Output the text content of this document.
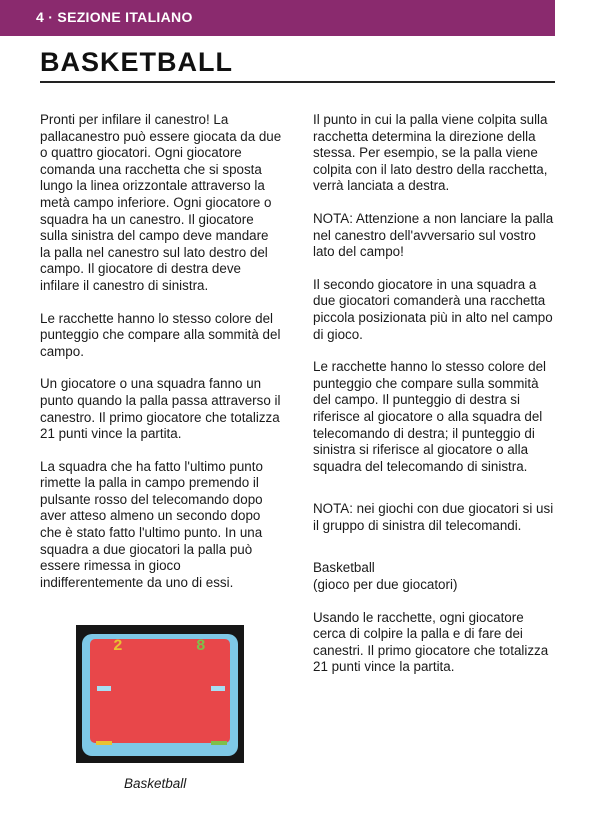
4 · SEZIONE ITALIANO
BASKETBALL

Pronti per infilare il canestro! La pallacanestro può essere giocata da due o quattro giocatori. Ogni giocatore comanda una racchetta che si sposta lungo la linea orizzontale attraverso la metà campo inferiore. Ogni giocatore o squadra ha un canestro. Il giocatore sulla sinistra del campo deve mandare la palla nel canestro sul lato destro del campo. Il giocatore di destra deve infilare il canestro di sinistra.

Le racchette hanno lo stesso colore del punteggio che compare alla sommità del campo.

Un giocatore o una squadra fanno un punto quando la palla passa attraverso il canestro. Il primo giocatore che totalizza 21 punti vince la partita.

La squadra che ha fatto l'ultimo punto rimette la palla in campo premendo il pulsante rosso del telecomando dopo aver atteso almeno un secondo dopo che è stato fatto l'ultimo punto. In una squadra a due giocatori la palla può essere rimessa in gioco indifferentemente da uno di essi.

Il punto in cui la palla viene colpita sulla racchetta determina la direzione della stessa. Per esempio, se la palla viene colpita con il lato destro della racchetta, verrà lanciata a destra.

NOTA: Attenzione a non lanciare la palla nel canestro dell'avversario sul vostro lato del campo!

Il secondo giocatore in una squadra a due giocatori comanderà una racchetta piccola posizionata più in alto nel campo di gioco.

Le racchette hanno lo stesso colore del punteggio che compare sulla sommità del campo. Il punteggio di destra si riferisce al giocatore o alla squadra del telecomando di destra; il punteggio di sinistra si riferisce al giocatore o alla squadra del telecomando di sinistra.

NOTA: nei giochi con due giocatori si usi il gruppo di sinistra dil telecomandi.

Basketball
(gioco per due giocatori)

Usando le racchette, ogni giocatore cerca di colpire la palla e di fare dei canestri. Il primo giocatore che totalizza 21 punti vince la partita.

2	8
Basketball
